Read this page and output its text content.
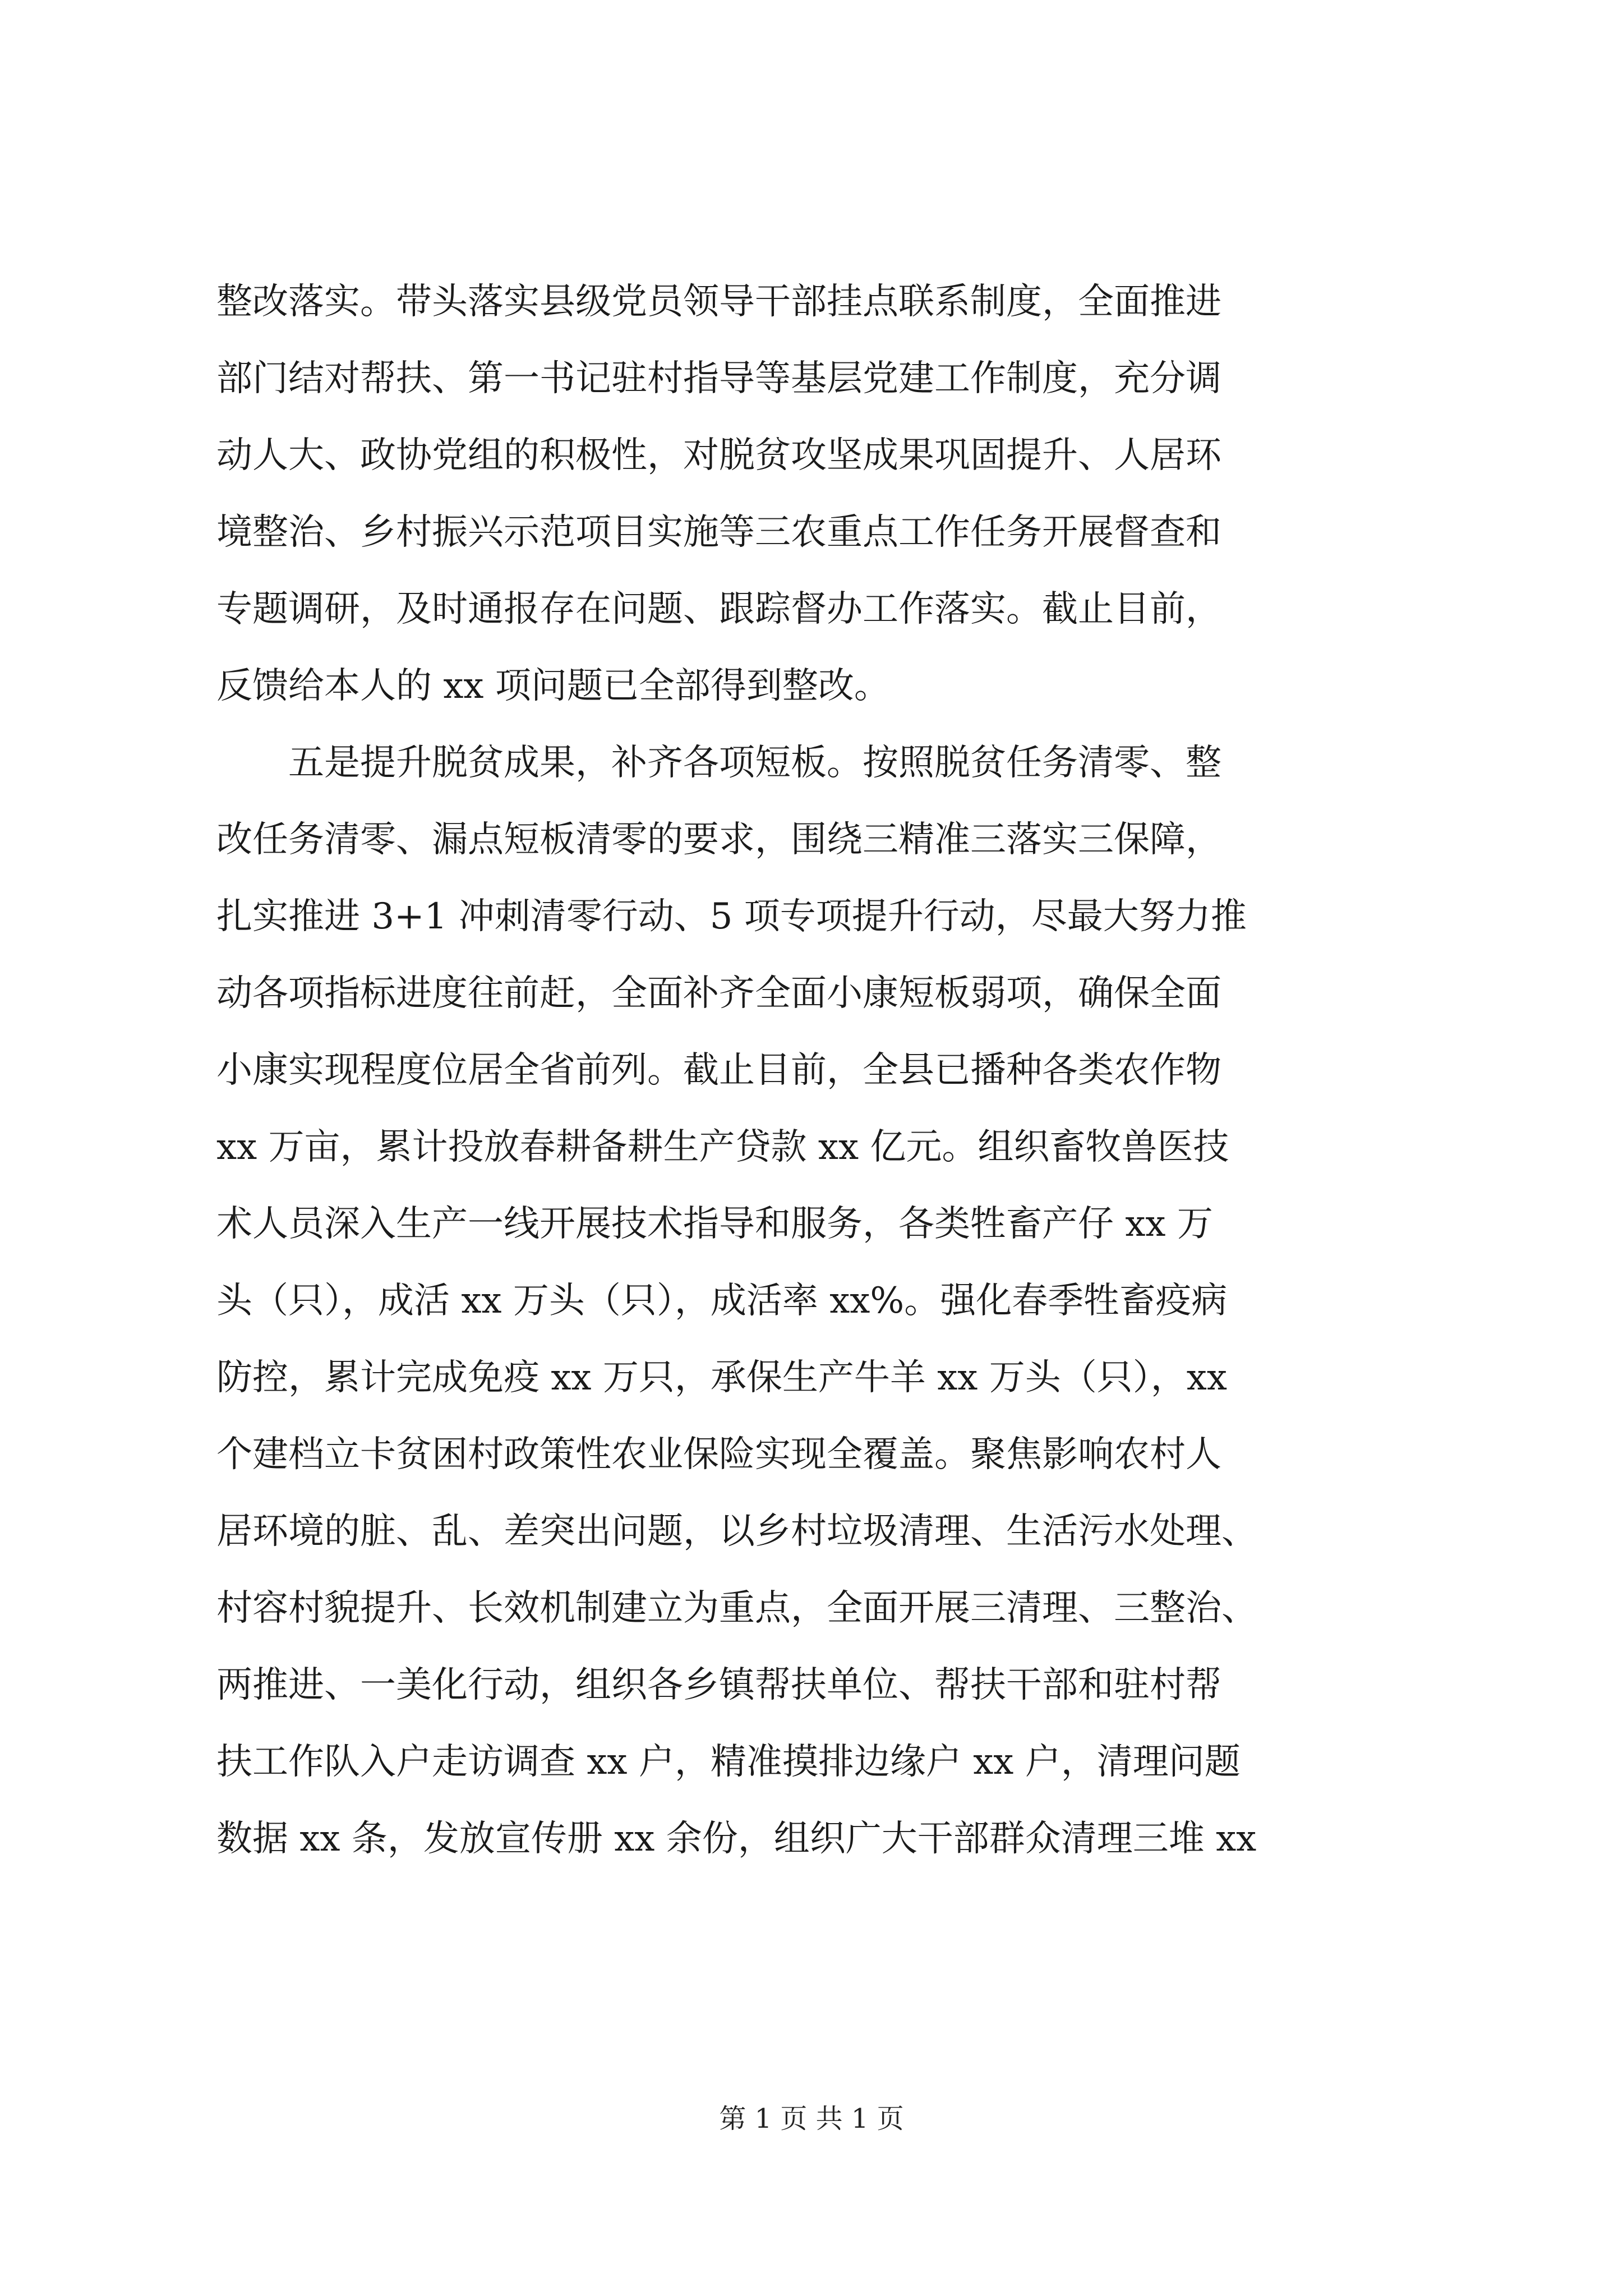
整改落实。带头落实县级党员领导干部挂点联系制度，全面推进
部门结对帮扶、第一书记驻村指导等基层党建工作制度，充分调
动人大、政协党组的积极性，对脱贫攻坚成果巩固提升、人居环
境整治、乡村振兴示范项目实施等三农重点工作任务开展督查和
专题调研，及时通报存在问题、跟踪督办工作落实。截止目前，
反馈给本人的 xx 项问题已全部得到整改。
　　五是提升脱贫成果，补齐各项短板。按照脱贫任务清零、整
改任务清零、漏点短板清零的要求，围绕三精准三落实三保障，
扎实推进 3+1 冲刺清零行动、5 项专项提升行动，尽最大努力推
动各项指标进度往前赶，全面补齐全面小康短板弱项，确保全面
小康实现程度位居全省前列。截止目前，全县已播种各类农作物
xx 万亩，累计投放春耕备耕生产贷款 xx 亿元。组织畜牧兽医技
术人员深入生产一线开展技术指导和服务，各类牲畜产仔 xx 万
头（只），成活 xx 万头（只），成活率 xx%。强化春季牲畜疫病
防控，累计完成免疫 xx 万只，承保生产牛羊 xx 万头（只），xx
个建档立卡贫困村政策性农业保险实现全覆盖。聚焦影响农村人
居环境的脏、乱、差突出问题，以乡村垃圾清理、生活污水处理、
村容村貌提升、长效机制建立为重点，全面开展三清理、三整治、
两推进、一美化行动，组织各乡镇帮扶单位、帮扶干部和驻村帮
扶工作队入户走访调查 xx 户，精准摸排边缘户 xx 户，清理问题
数据 xx 条，发放宣传册 xx 余份，组织广大干部群众清理三堆 xx
第 1 页 共 1 页
